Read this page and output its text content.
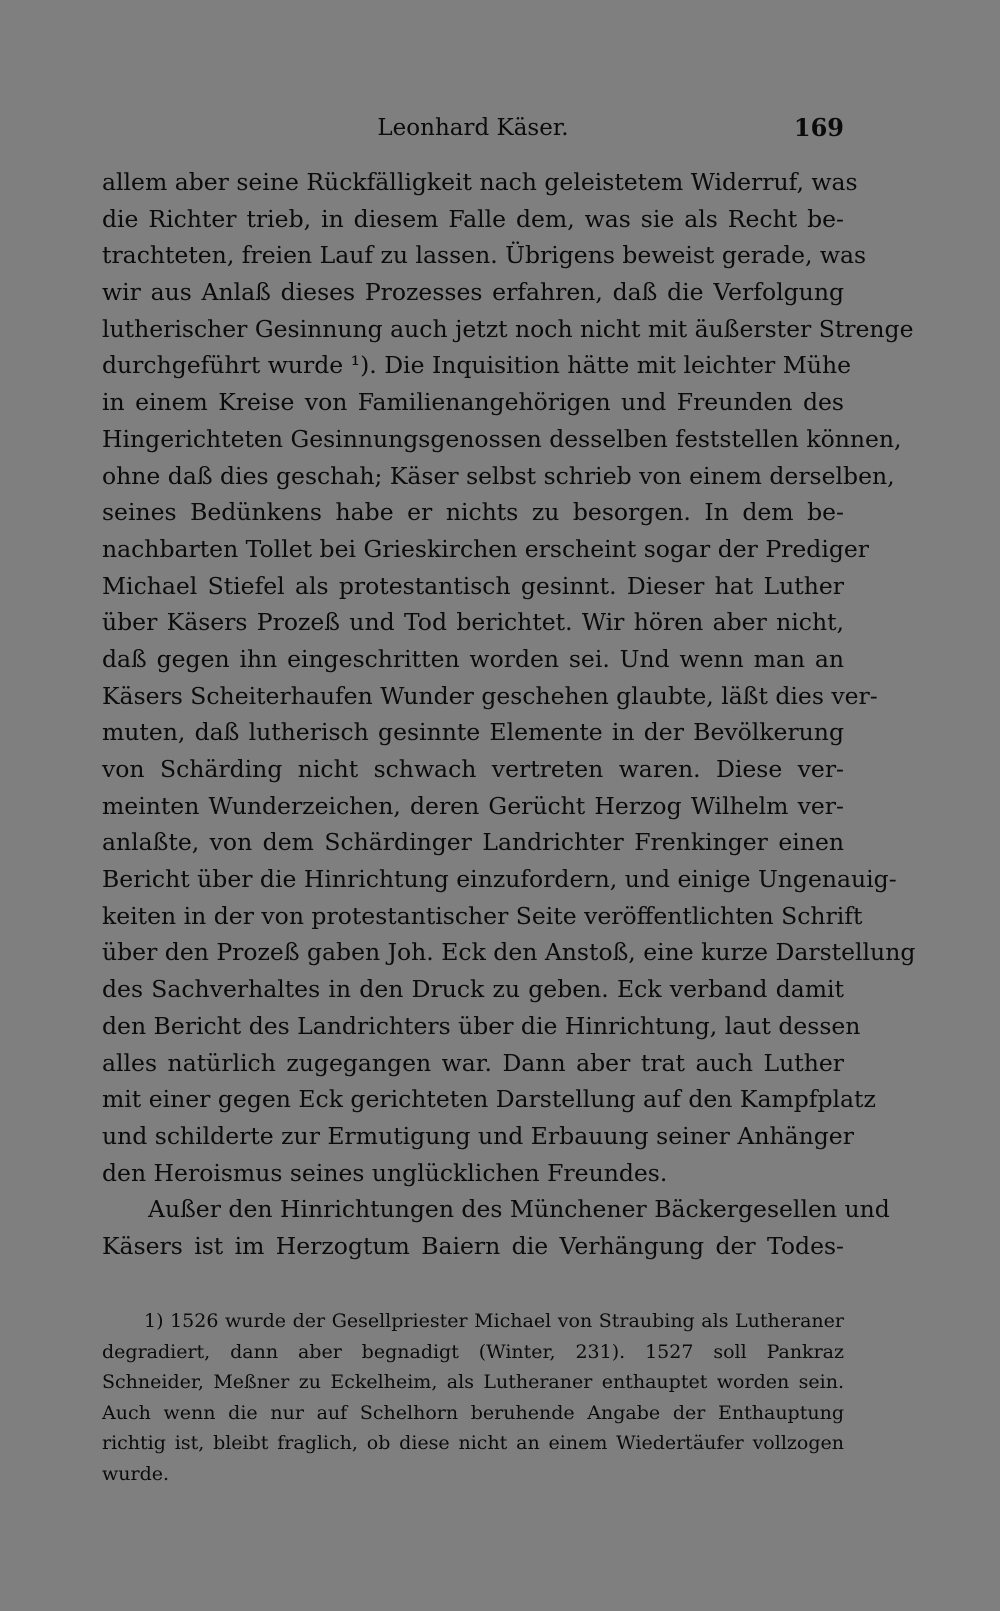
Leonhard Käser.	169
allem aber seine Rückfälligkeit nach geleistetem Widerruf, was
die Richter trieb, in diesem Falle dem, was sie als Recht be-
trachteten, freien Lauf zu lassen. Übrigens beweist gerade, was
wir aus Anlaß dieses Prozesses erfahren, daß die Verfolgung
lutherischer Gesinnung auch jetzt noch nicht mit äußerster Strenge
durchgeführt wurde ¹). Die Inquisition hätte mit leichter Mühe
in einem Kreise von Familienangehörigen und Freunden des
Hingerichteten Gesinnungsgenossen desselben feststellen können,
ohne daß dies geschah; Käser selbst schrieb von einem derselben,
seines Bedünkens habe er nichts zu besorgen. In dem be-
nachbarten Tollet bei Grieskirchen erscheint sogar der Prediger
Michael Stiefel als protestantisch gesinnt. Dieser hat Luther
über Käsers Prozeß und Tod berichtet. Wir hören aber nicht,
daß gegen ihn eingeschritten worden sei. Und wenn man an
Käsers Scheiterhaufen Wunder geschehen glaubte, läßt dies ver-
muten, daß lutherisch gesinnte Elemente in der Bevölkerung
von Schärding nicht schwach vertreten waren. Diese ver-
meinten Wunderzeichen, deren Gerücht Herzog Wilhelm ver-
anlaßte, von dem Schärdinger Landrichter Frenkinger einen
Bericht über die Hinrichtung einzufordern, und einige Ungenauig-
keiten in der von protestantischer Seite veröffentlichten Schrift
über den Prozeß gaben Joh. Eck den Anstoß, eine kurze Darstellung
des Sachverhaltes in den Druck zu geben. Eck verband damit
den Bericht des Landrichters über die Hinrichtung, laut dessen
alles natürlich zugegangen war. Dann aber trat auch Luther
mit einer gegen Eck gerichteten Darstellung auf den Kampfplatz
und schilderte zur Ermutigung und Erbauung seiner Anhänger
den Heroismus seines unglücklichen Freundes.
Außer den Hinrichtungen des Münchener Bäckergesellen und
Käsers ist im Herzogtum Baiern die Verhängung der Todes-
1) 1526 wurde der Gesellpriester Michael von Straubing als Lutheraner
degradiert, dann aber begnadigt (Winter, 231). 1527 soll Pankraz
Schneider, Meßner zu Eckelheim, als Lutheraner enthauptet worden sein.
Auch wenn die nur auf Schelhorn beruhende Angabe der Enthauptung
richtig ist, bleibt fraglich, ob diese nicht an einem Wiedertäufer vollzogen
wurde.
